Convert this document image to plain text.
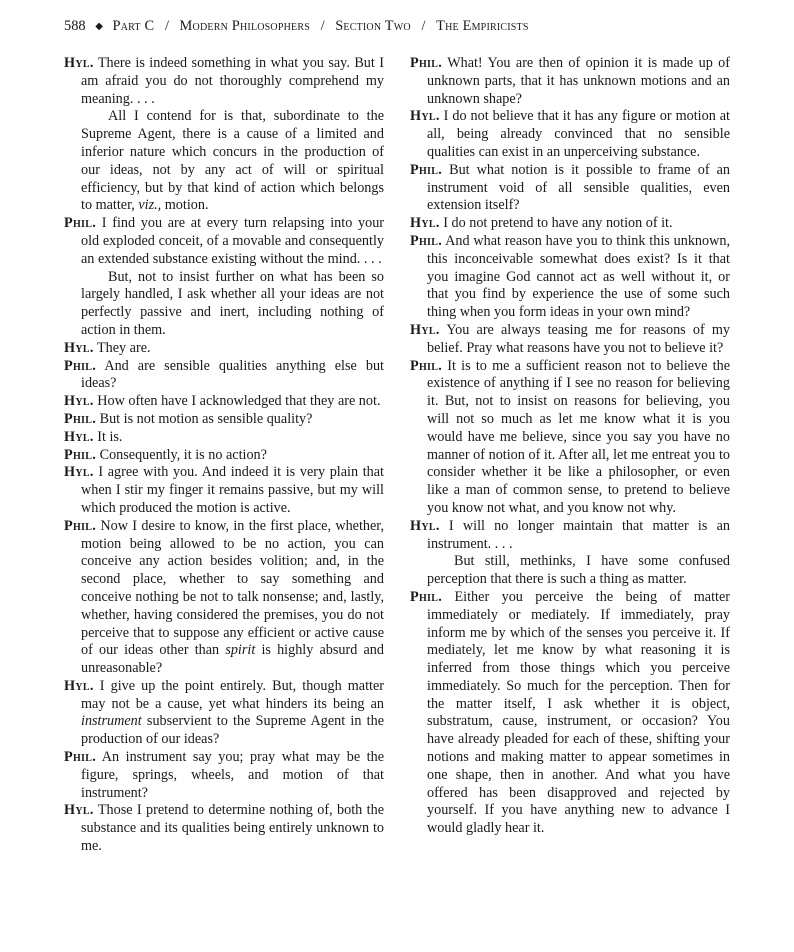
588 ◆ Part C / Modern Philosophers / Section Two / The Empiricists

Hyl. There is indeed something in what you say. But I am afraid you do not thoroughly comprehend my meaning. . . .

All I contend for is that, subordinate to the Supreme Agent, there is a cause of a limited and inferior nature which concurs in the production of our ideas, not by any act of will or spiritual efficiency, but by that kind of action which belongs to matter, viz., motion.

Phil. I find you are at every turn relapsing into your old exploded conceit, of a movable and consequently an extended substance existing without the mind. . . .

But, not to insist further on what has been so largely handled, I ask whether all your ideas are not perfectly passive and inert, including nothing of action in them.

Hyl. They are.

Phil. And are sensible qualities anything else but ideas?

Hyl. How often have I acknowledged that they are not.

Phil. But is not motion as sensible quality?

Hyl. It is.

Phil. Consequently, it is no action?

Hyl. I agree with you. And indeed it is very plain that when I stir my finger it remains passive, but my will which produced the motion is active.

Phil. Now I desire to know, in the first place, whether, motion being allowed to be no action, you can conceive any action besides volition; and, in the second place, whether to say something and conceive nothing be not to talk nonsense; and, lastly, whether, having considered the premises, you do not perceive that to suppose any efficient or active cause of our ideas other than spirit is highly absurd and unreasonable?

Hyl. I give up the point entirely. But, though matter may not be a cause, yet what hinders its being an instrument subservient to the Supreme Agent in the production of our ideas?

Phil. An instrument say you; pray what may be the figure, springs, wheels, and motion of that instrument?

Hyl. Those I pretend to determine nothing of, both the substance and its qualities being entirely unknown to me.

Phil. What! You are then of opinion it is made up of unknown parts, that it has unknown motions and an unknown shape?

Hyl. I do not believe that it has any figure or motion at all, being already convinced that no sensible qualities can exist in an unperceiving substance.

Phil. But what notion is it possible to frame of an instrument void of all sensible qualities, even extension itself?

Hyl. I do not pretend to have any notion of it.

Phil. And what reason have you to think this unknown, this inconceivable somewhat does exist? Is it that you imagine God cannot act as well without it, or that you find by experience the use of some such thing when you form ideas in your own mind?

Hyl. You are always teasing me for reasons of my belief. Pray what reasons have you not to believe it?

Phil. It is to me a sufficient reason not to believe the existence of anything if I see no reason for believing it. But, not to insist on reasons for believing, you will not so much as let me know what it is you would have me believe, since you say you have no manner of notion of it. After all, let me entreat you to consider whether it be like a philosopher, or even like a man of common sense, to pretend to believe you know not what, and you know not why.

Hyl. I will no longer maintain that matter is an instrument. . . .

But still, methinks, I have some confused perception that there is such a thing as matter.

Phil. Either you perceive the being of matter immediately or mediately. If immediately, pray inform me by which of the senses you perceive it. If mediately, let me know by what reasoning it is inferred from those things which you perceive immediately. So much for the perception. Then for the matter itself, I ask whether it is object, substratum, cause, instrument, or occasion? You have already pleaded for each of these, shifting your notions and making matter to appear sometimes in one shape, then in another. And what you have offered has been disapproved and rejected by yourself. If you have anything new to advance I would gladly hear it.
